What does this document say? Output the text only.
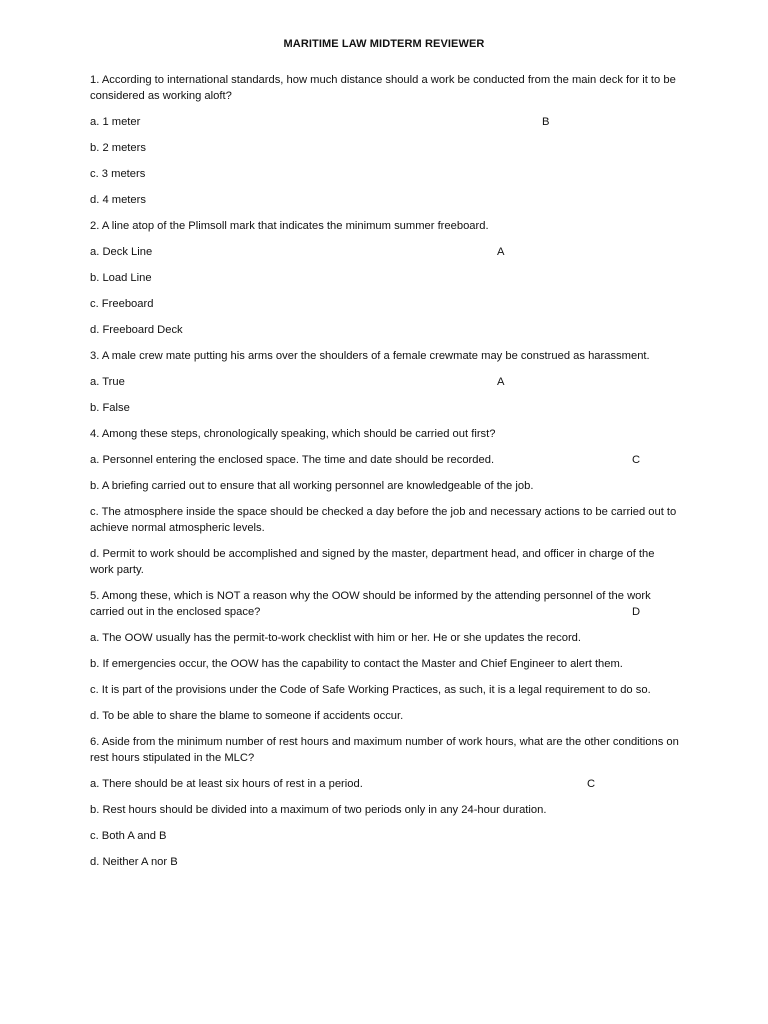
MARITIME LAW MIDTERM REVIEWER
1. According to international standards, how much distance should a work be conducted from the main deck for it to be considered as working aloft?
a. 1 meter	B
b. 2 meters
c. 3 meters
d. 4 meters
2. A line atop of the Plimsoll mark that indicates the minimum summer freeboard.
a. Deck Line	A
b. Load Line
c. Freeboard
d. Freeboard Deck
3. A male crew mate putting his arms over the shoulders of a female crewmate may be construed as harassment.
a. True	A
b. False
4. Among these steps, chronologically speaking, which should be carried out first?
a. Personnel entering the enclosed space. The time and date should be recorded.	C
b. A briefing carried out to ensure that all working personnel are knowledgeable of the job.
c. The atmosphere inside the space should be checked a day before the job and necessary actions to be carried out to achieve normal atmospheric levels.
d. Permit to work should be accomplished and signed by the master, department head, and officer in charge of the work party.
5. Among these, which is NOT a reason why the OOW should be informed by the attending personnel of the work carried out in the enclosed space?	D
a. The OOW usually has the permit-to-work checklist with him or her. He or she updates the record.
b. If emergencies occur, the OOW has the capability to contact the Master and Chief Engineer to alert them.
c. It is part of the provisions under the Code of Safe Working Practices, as such, it is a legal requirement to do so.
d. To be able to share the blame to someone if accidents occur.
6. Aside from the minimum number of rest hours and maximum number of work hours, what are the other conditions on rest hours stipulated in the MLC?
a. There should be at least six hours of rest in a period.	C
b. Rest hours should be divided into a maximum of two periods only in any 24-hour duration.
c. Both A and B
d. Neither A nor B
